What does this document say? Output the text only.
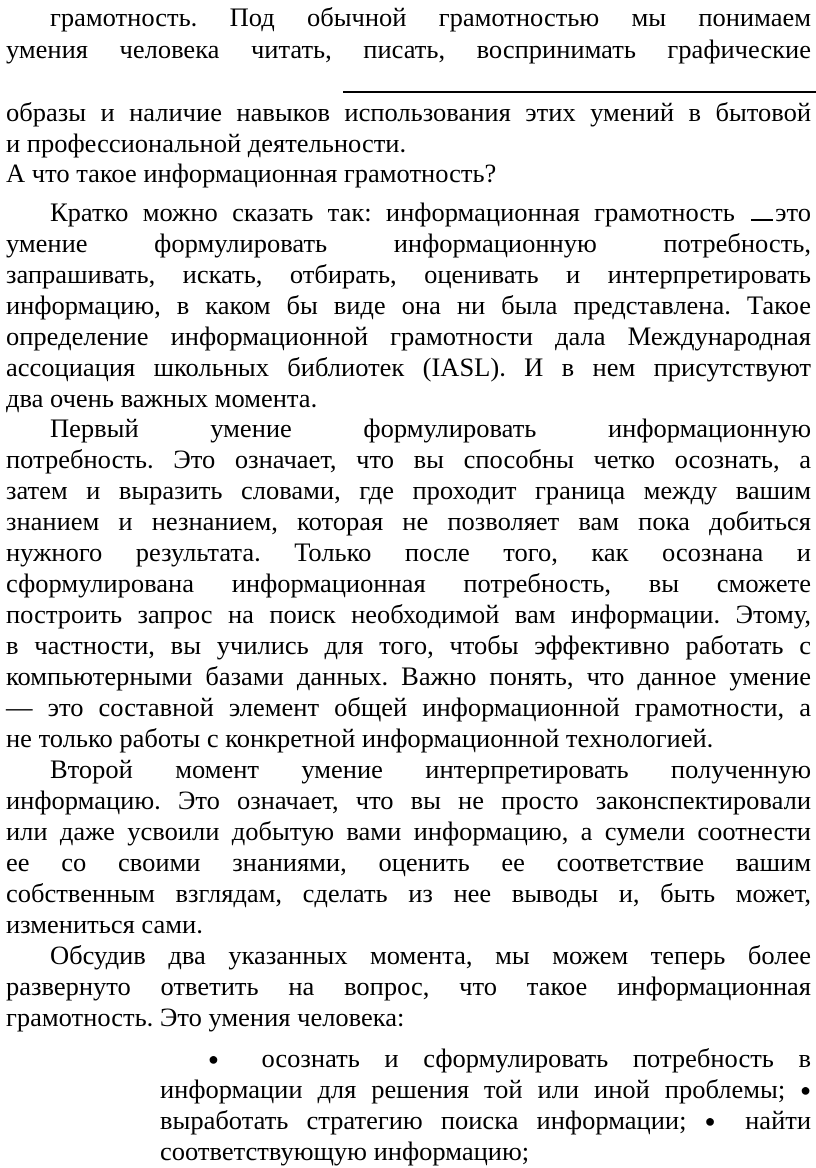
грамотность. Под обычной грамотностью мы понимаем
умения человека читать, писать, воспринимать графические
образы и наличие навыков использования этих умений в бытовой
и профессиональной деятельности.
А что такое информационная грамотность?
Кратко можно сказать так: информационная грамотность это
умение формулировать информационную потребность,
запрашивать, искать, отбирать, оценивать и интерпретировать
информацию, в каком бы виде она ни была представлена. Такое
определение информационной грамотности дала Международная
ассоциация школьных библиотек (IASL). И в нем присутствуют
два очень важных момента.
Первый умение формулировать информационную
потребность. Это означает, что вы способны четко осознать, а
затем и выразить словами, где проходит граница между вашим
знанием и незнанием, которая не позволяет вам пока добиться
нужного результата. Только после того, как осознана и
сформулирована информационная потребность, вы сможете
построить запрос на поиск необходимой вам информации. Этому,
в частности, вы учились для того, чтобы эффективно работать с
компьютерными базами данных. Важно понять, что данное умение
— это составной элемент общей информационной грамотности, а
не только работы с конкретной информационной технологией.
Второй момент умение интерпретировать полученную
информацию. Это означает, что вы не просто законспектировали
или даже усвоили добытую вами информацию, а сумели соотнести
ее со своими знаниями, оценить ее соответствие вашим
собственным взглядам, сделать из нее выводы и, быть может,
измениться сами.
Обсудив два указанных момента, мы можем теперь более
развернуто ответить на вопрос, что такое информационная
грамотность. Это умения человека:
● осознать и сформулировать потребность в
информации для решения той или иной проблемы; ●
выработать стратегию поиска информации; ● найти
соответствующую информацию;
